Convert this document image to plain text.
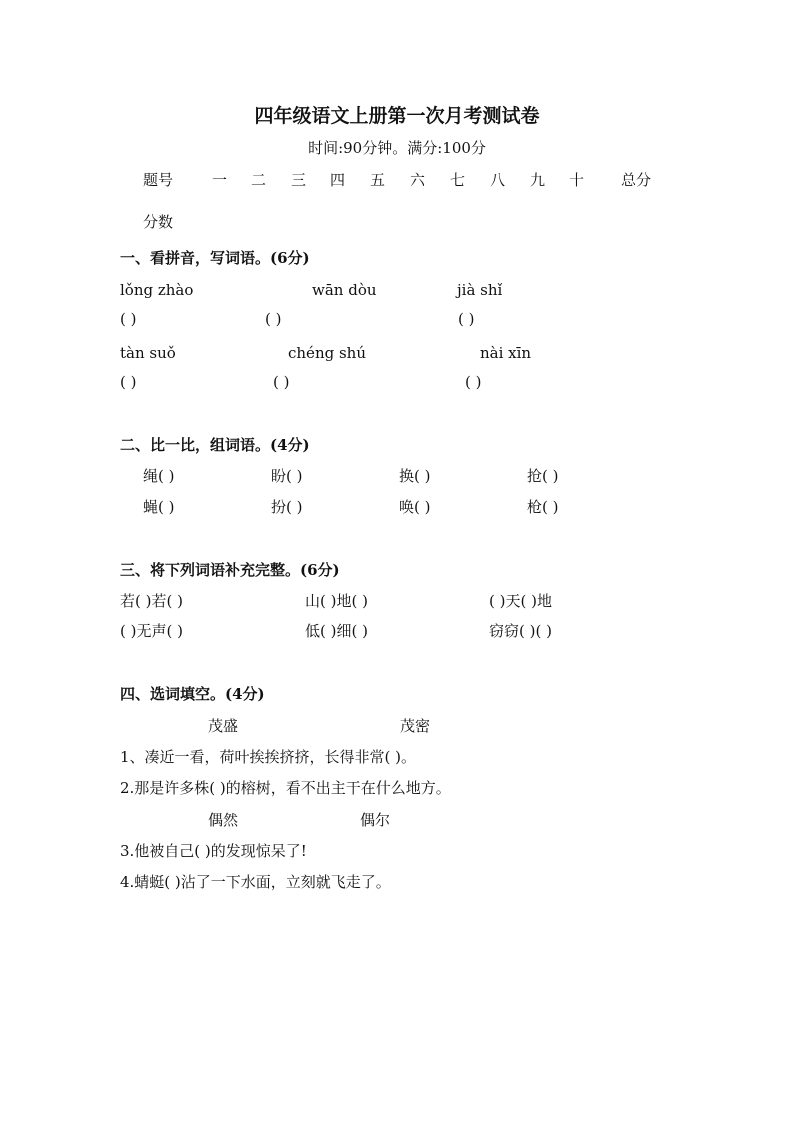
四年级语文上册第一次月考测试卷
时间:90分钟。满分:100分
题号	一 二 三 四 五 六 七 八 九 十 总分
分数
一、看拼音，写词语。(6分)
lǒng zhào	wān dòu	jià shǐ
( )	( )	( )
tàn suǒ	chéng shú	nài xīn
( )	( )	( )
二、比一比，组词语。(4分)
绳( )	盼( )	换( )	抢( )
蝇( )	扮( )	唤( )	枪( )
三、将下列词语补充完整。(6分)
若( )若( )	山( )地( )	( )天( )地
( )无声( )	低( )细( )	窃窃( )( )
四、选词填空。(4分)
茂盛	茂密
1、凑近一看，荷叶挨挨挤挤，长得非常( )。
2.那是许多株( )的榕树，看不出主干在什么地方。
偶然	偶尔
3.他被自己( )的发现惊呆了!
4.蜻蜓( )沾了一下水面，立刻就飞走了。
